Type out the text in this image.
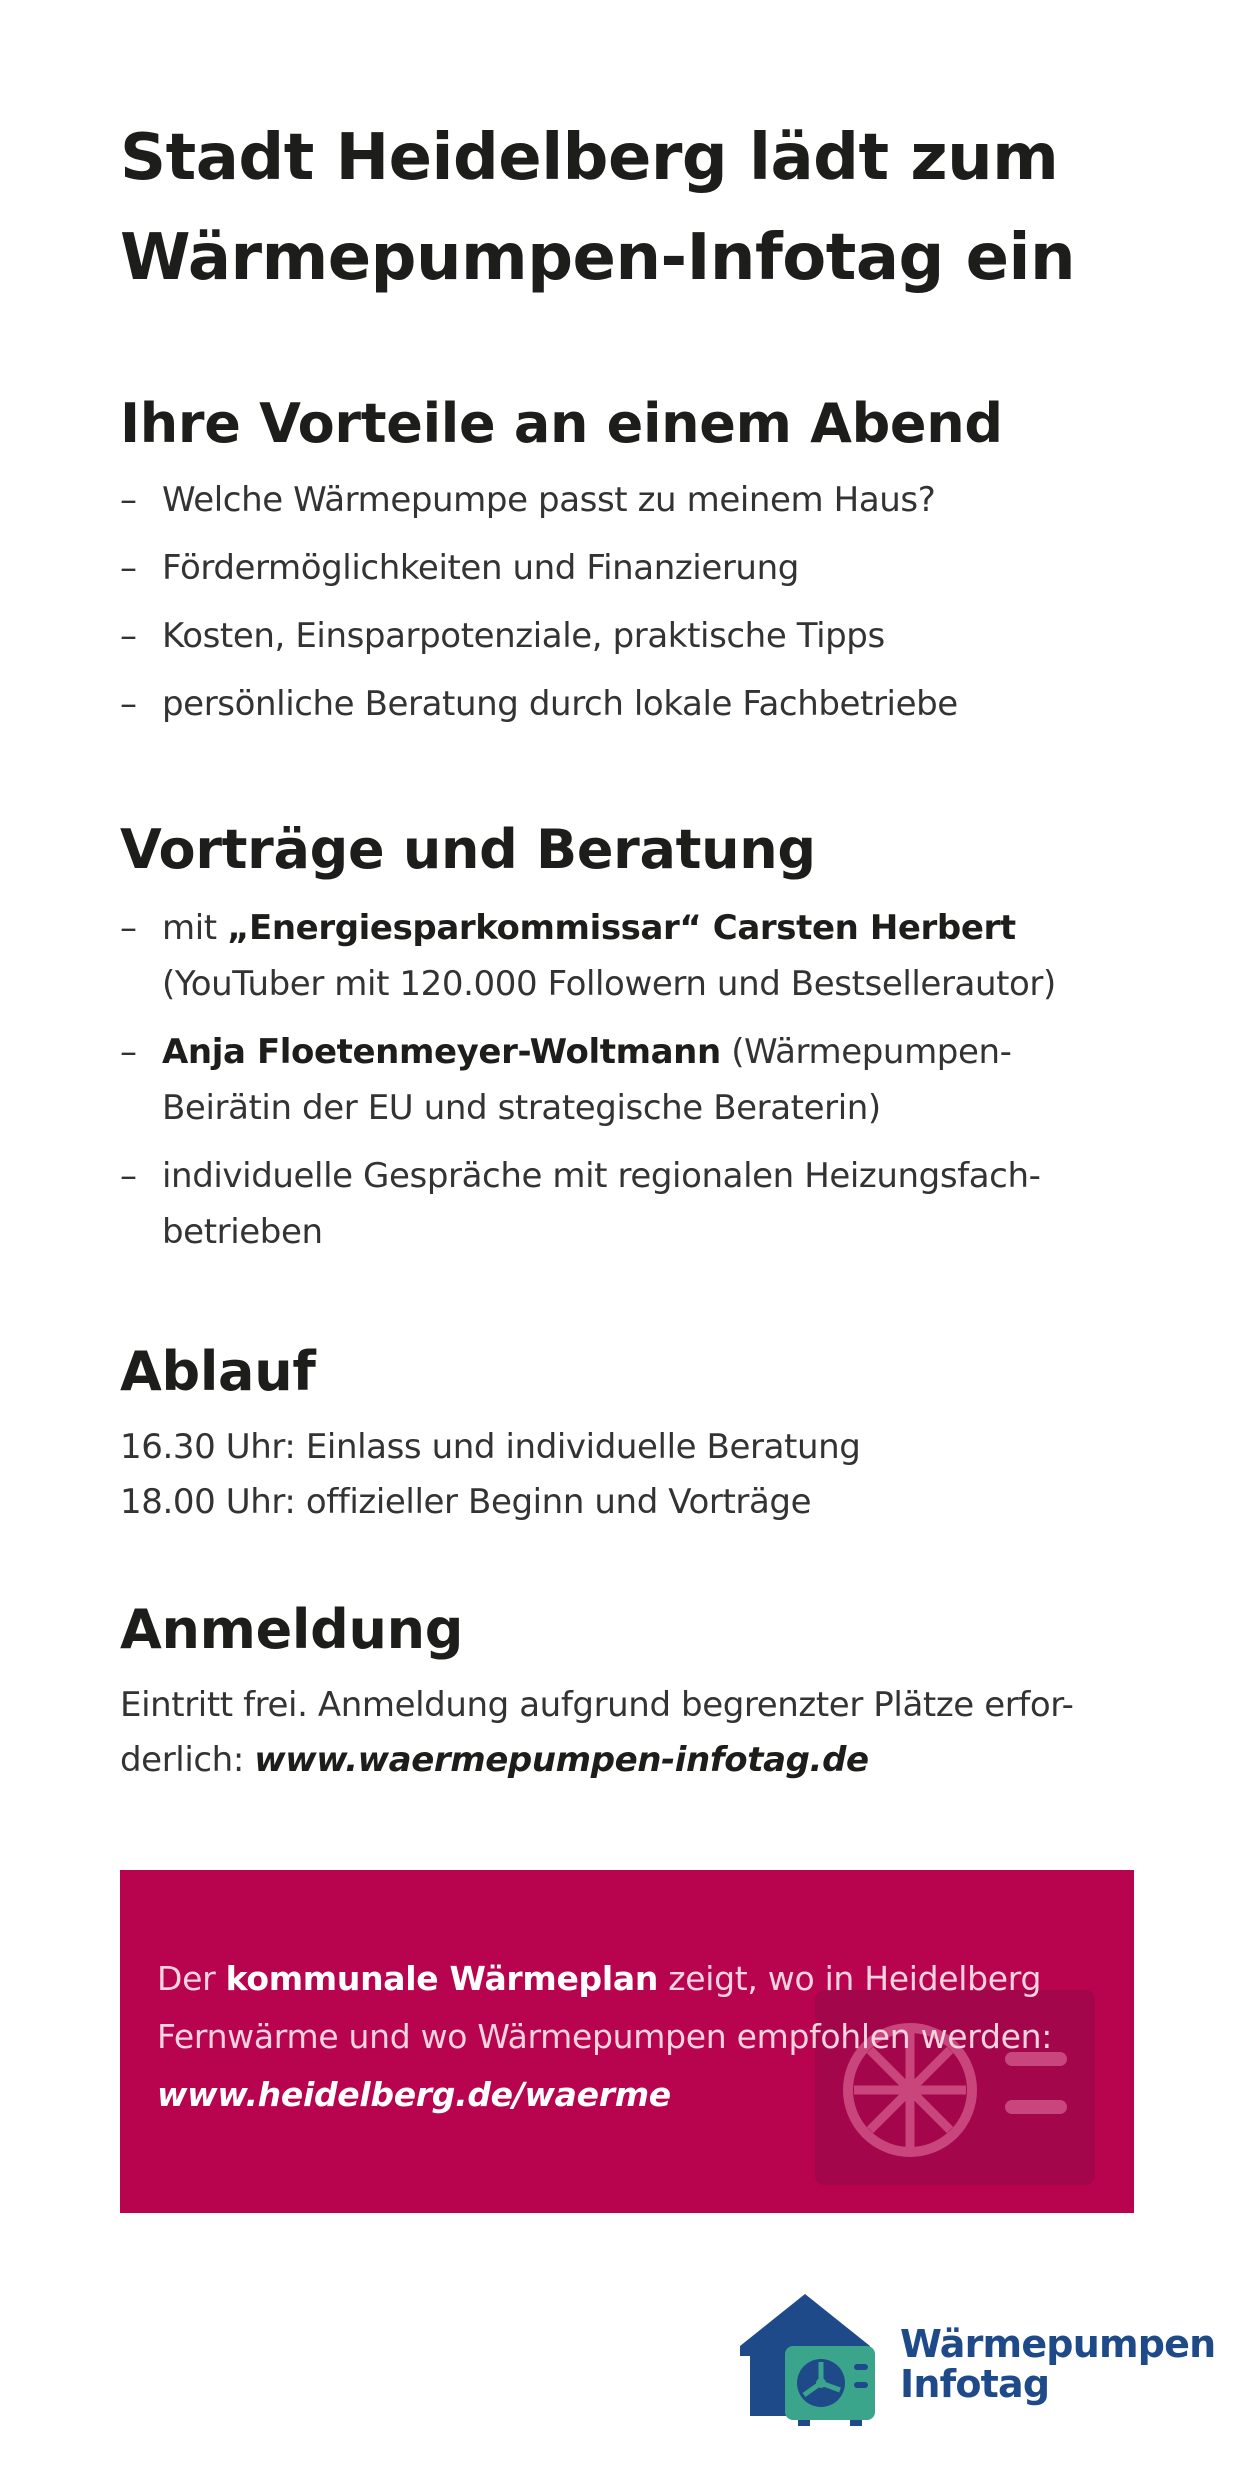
Stadt Heidelberg lädt zum
Wärmepumpen-Infotag ein
Ihre Vorteile an einem Abend
– Welche Wärmepumpe passt zu meinem Haus?
– Fördermöglichkeiten und Finanzierung
– Kosten, Einsparpotenziale, praktische Tipps
– persönliche Beratung durch lokale Fachbetriebe
Vorträge und Beratung
– mit „Energiesparkommissar“ Carsten Herbert
(YouTuber mit 120.000 Followern und Bestsellerautor)
– Anja Floetenmeyer-Woltmann (Wärmepumpen-
Beirätin der EU und strategische Beraterin)
– individuelle Gespräche mit regionalen Heizungsfach-
betrieben
Ablauf
16.30 Uhr: Einlass und individuelle Beratung
18.00 Uhr: offizieller Beginn und Vorträge
Anmeldung
Eintritt frei. Anmeldung aufgrund begrenzter Plätze erfor-
derlich: www.waermepumpen-infotag.de
Der kommunale Wärmeplan zeigt, wo in Heidelberg
Fernwärme und wo Wärmepumpen empfohlen werden:
www.heidelberg.de/waerme
Wärmepumpen
Infotag
